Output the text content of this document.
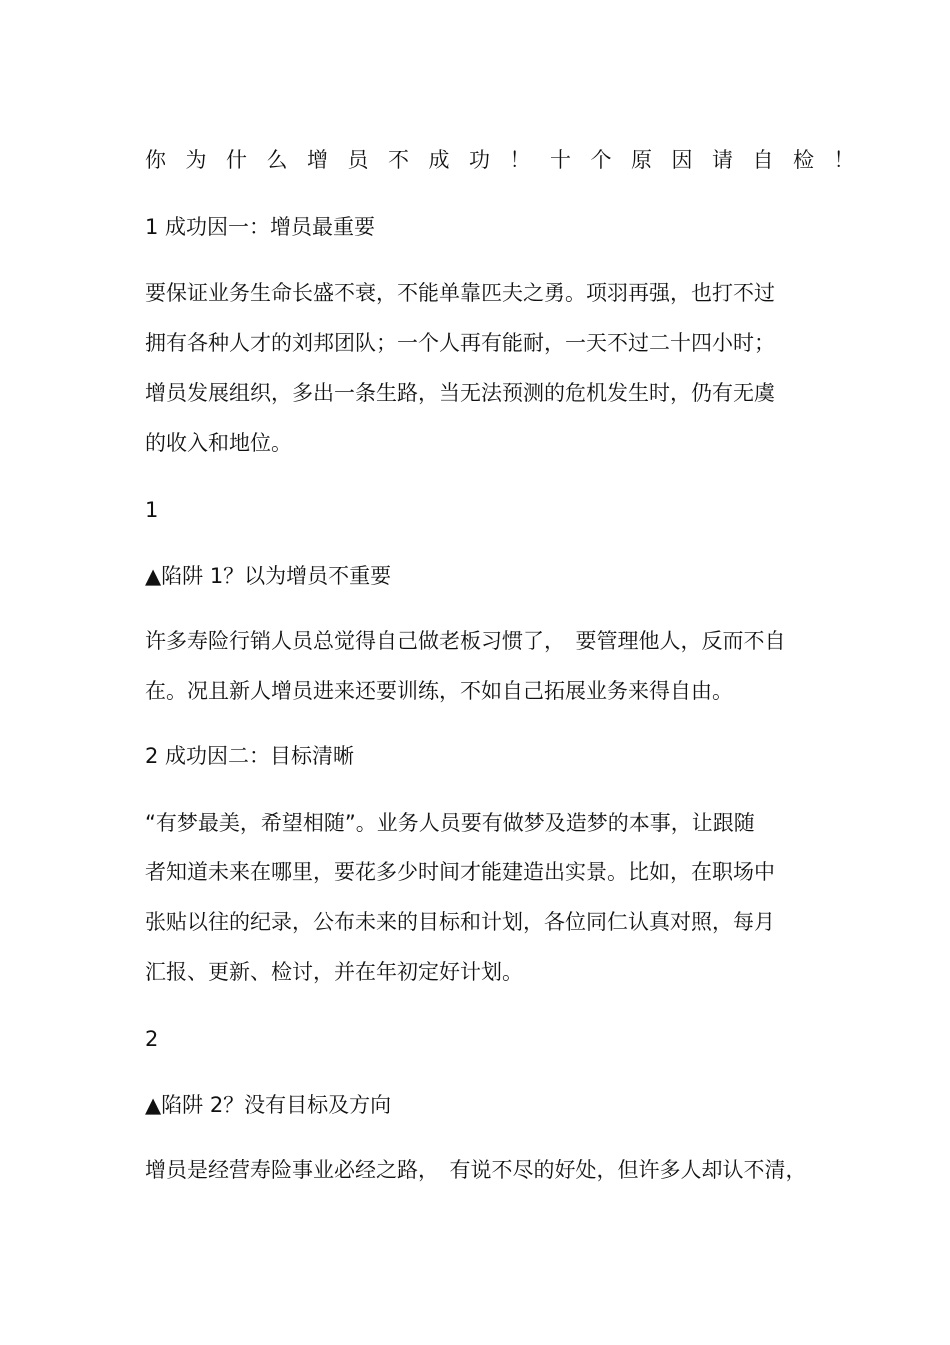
你为什么增员不成功！十个原因请自检！

1 成功因一：增员最重要

要保证业务生命长盛不衰，不能单靠匹夫之勇。项羽再强，也打不过

拥有各种人才的刘邦团队；一个人再有能耐，一天不过二十四小时；

增员发展组织，多出一条生路，当无法预测的危机发生时，仍有无虞

的收入和地位。

1

▲陷阱 1？以为增员不重要

许多寿险行销人员总觉得自己做老板习惯了，　要管理他人，反而不自

在。况且新人增员进来还要训练，不如自己拓展业务来得自由。

2 成功因二：目标清晰

“有梦最美，希望相随”。业务人员要有做梦及造梦的本事，让跟随

者知道未来在哪里，要花多少时间才能建造出实景。比如，在职场中

张贴以往的纪录，公布未来的目标和计划，各位同仁认真对照，每月

汇报、更新、检讨，并在年初定好计划。

2

▲陷阱 2？没有目标及方向

增员是经营寿险事业必经之路，　有说不尽的好处，但许多人却认不清，
